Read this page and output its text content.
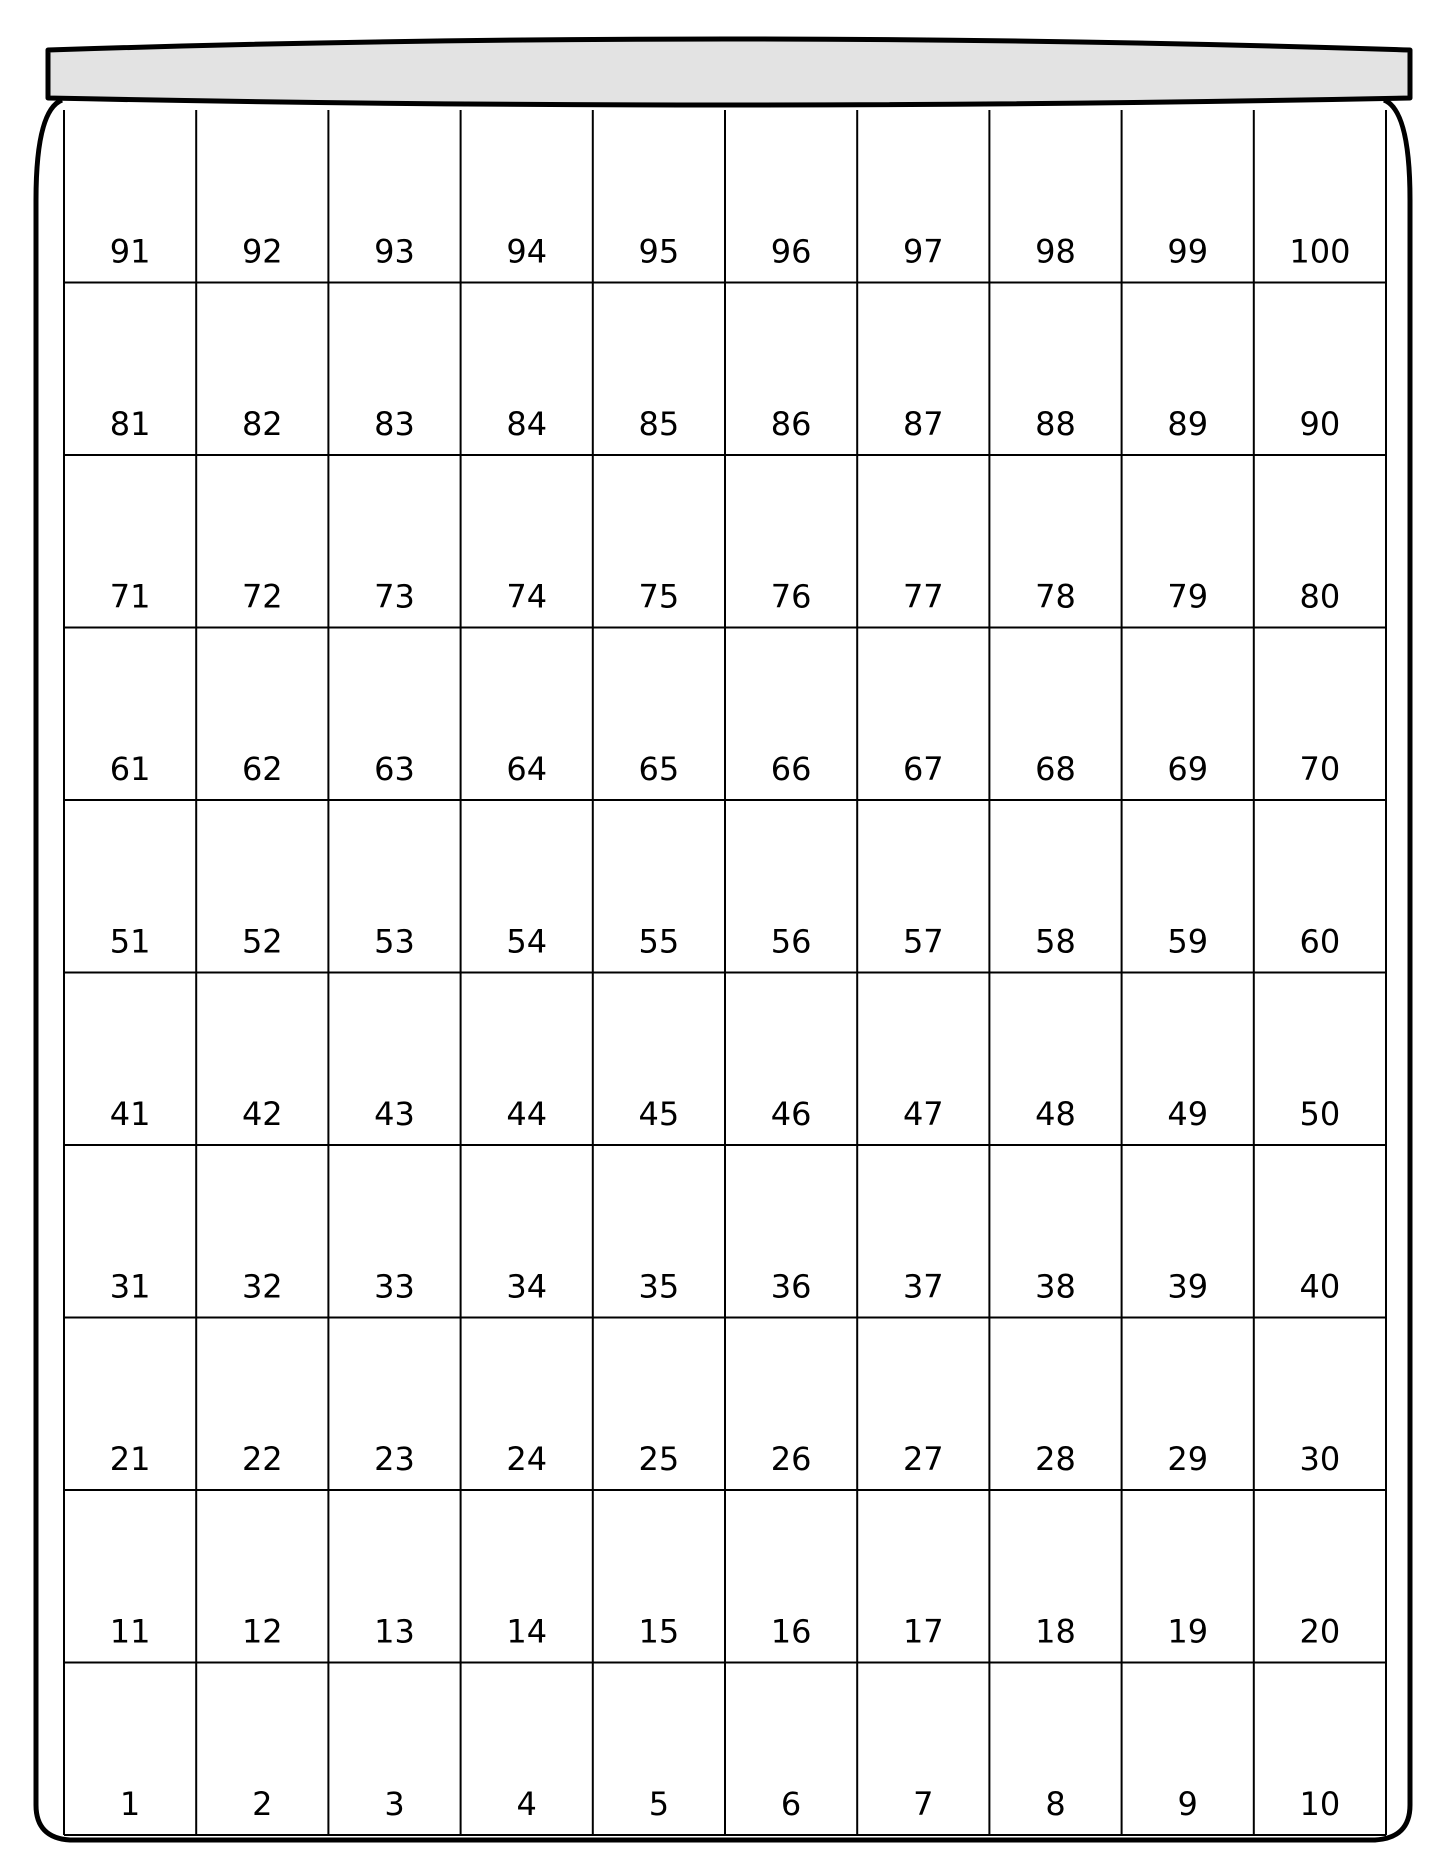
91	92	93	94	95	96	97	98	99	100
81	82	83	84	85	86	87	88	89	90
71	72	73	74	75	76	77	78	79	80
61	62	63	64	65	66	67	68	69	70
51	52	53	54	55	56	57	58	59	60
41	42	43	44	45	46	47	48	49	50
31	32	33	34	35	36	37	38	39	40
21	22	23	24	25	26	27	28	29	30
11	12	13	14	15	16	17	18	19	20
1	2	3	4	5	6	7	8	9	10
